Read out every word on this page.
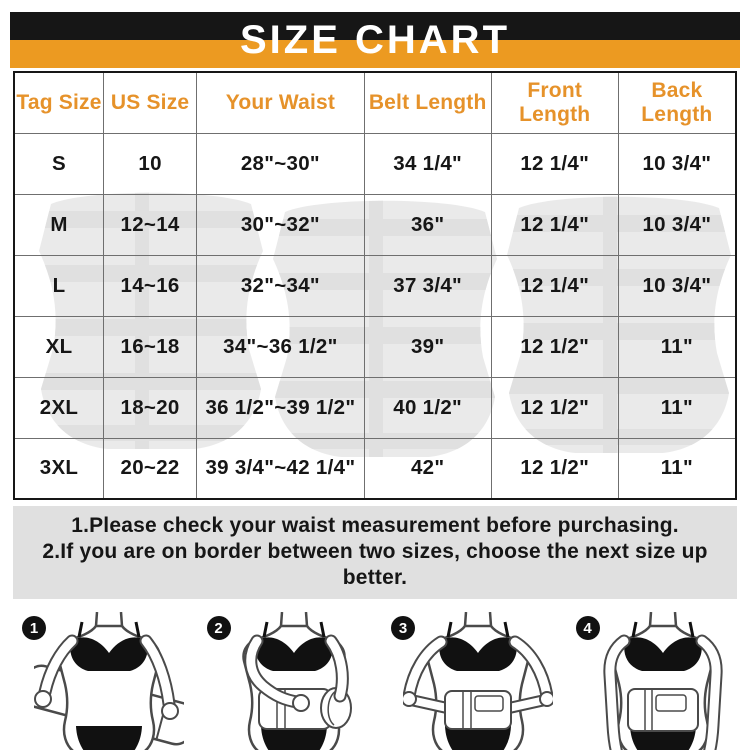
SIZE CHART
Tag Size	US Size	Your Waist	Belt Length	Front Length	Back Length
S	10	28"~30"	34 1/4"	12 1/4"	10 3/4"
M	12~14	30"~32"	36"	12 1/4"	10 3/4"
L	14~16	32"~34"	37 3/4"	12 1/4"	10 3/4"
XL	16~18	34"~36 1/2"	39"	12 1/2"	11"
2XL	18~20	36 1/2"~39 1/2"	40 1/2"	12 1/2"	11"
3XL	20~22	39 3/4"~42 1/4"	42"	12 1/2"	11"
1.Please check your waist measurement before purchasing.
2.If you are on border between two sizes, choose the next size up better.
1	2	3	4
